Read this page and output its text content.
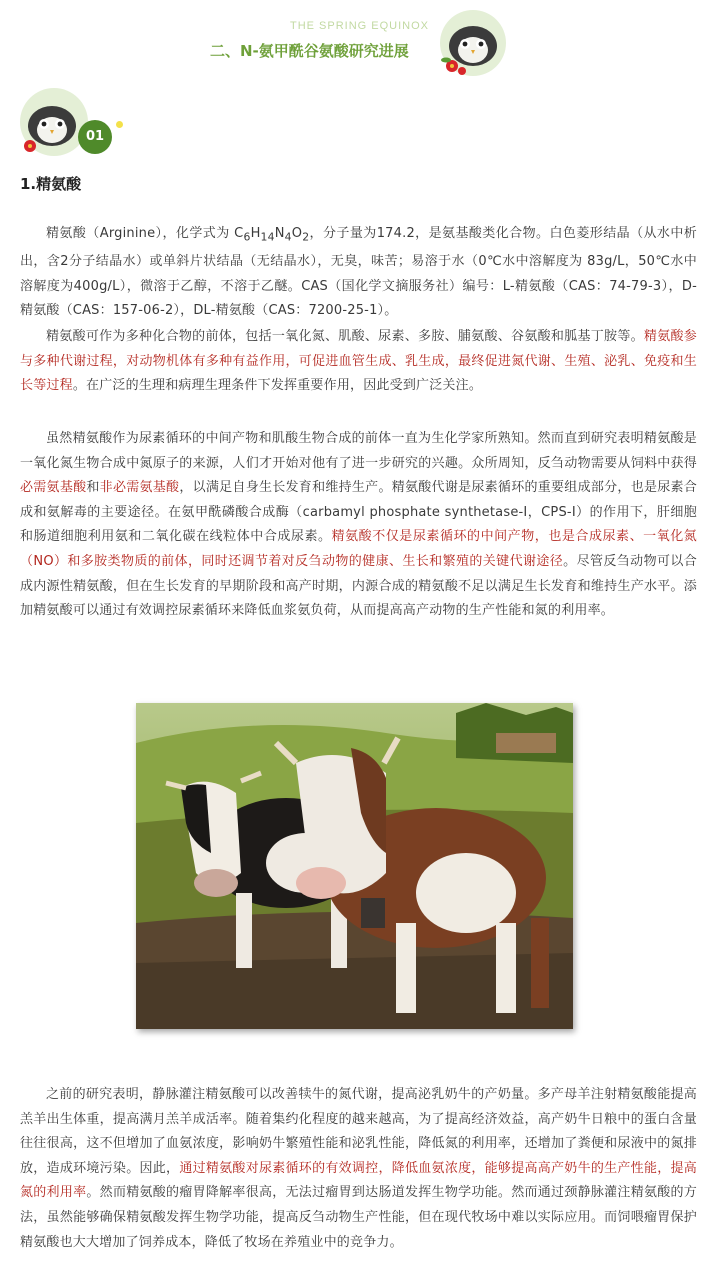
THE SPRING EQUINOX
二、N-氨甲酰谷氨酸研究进展
01
1.精氨酸

精氨酸（Arginine），化学式为 $C_6H_{14}N_4O_2$，分子量为174.2，是氨基酸类化合物。白色菱形结晶（从水中析出，含2分子结晶水）或单斜片状结晶（无结晶水），无臭，味苦；易溶于水（0℃水中溶解度为 83g/L，50℃水中溶解度为400g/L），微溶于乙醇，不溶于乙醚。CAS（国化学文摘服务社）编号：L-精氨酸（CAS：74-79-3），D-精氨酸（CAS：157-06-2），DL-精氨酸（CAS：7200-25-1）。

精氨酸可作为多种化合物的前体，包括一氧化氮、肌酸、尿素、多胺、脯氨酸、谷氨酸和胍基丁胺等。精氨酸参与多种代谢过程，对动物机体有多种有益作用，可促进血管生成、乳生成，最终促进氮代谢、生殖、泌乳、免疫和生长等过程。在广泛的生理和病理生理条件下发挥重要作用，因此受到广泛关注。

虽然精氨酸作为尿素循环的中间产物和肌酸生物合成的前体一直为生化学家所熟知。然而直到研究表明精氨酸是一氧化氮生物合成中氮原子的来源，人们才开始对他有了进一步研究的兴趣。众所周知，反刍动物需要从饲料中获得必需氨基酸和非必需氨基酸，以满足自身生长发育和维持生产。精氨酸代谢是尿素循环的重要组成部分，也是尿素合成和氨解毒的主要途径。在氨甲酰磷酸合成酶（carbamyl phosphate synthetase-I，CPS-I）的作用下，肝细胞和肠道细胞利用氨和二氧化碳在线粒体中合成尿素。精氨酸不仅是尿素循环的中间产物，也是合成尿素、一氧化氮（NO）和多胺类物质的前体，同时还调节着对反刍动物的健康、生长和繁殖的关键代谢途径。尽管反刍动物可以合成内源性精氨酸，但在生长发育的早期阶段和高产时期，内源合成的精氨酸不足以满足生长发育和维持生产水平。添加精氨酸可以通过有效调控尿素循环来降低血浆氨负荷，从而提高高产动物的生产性能和氮的利用率。

之前的研究表明，静脉灌注精氨酸可以改善犊牛的氮代谢，提高泌乳奶牛的产奶量。多产母羊注射精氨酸能提高羔羊出生体重，提高满月羔羊成活率。随着集约化程度的越来越高，为了提高经济效益，高产奶牛日粮中的蛋白含量往往很高，这不但增加了血氨浓度，影响奶牛繁殖性能和泌乳性能，降低氮的利用率，还增加了粪便和尿液中的氮排放，造成环境污染。因此，通过精氨酸对尿素循环的有效调控，降低血氨浓度，能够提高高产奶牛的生产性能，提高氮的利用率。然而精氨酸的瘤胃降解率很高，无法过瘤胃到达肠道发挥生物学功能。然而通过颈静脉灌注精氨酸的方法，虽然能够确保精氨酸发挥生物学功能，提高反刍动物生产性能，但在现代牧场中难以实际应用。而饲喂瘤胃保护精氨酸也大大增加了饲养成本，降低了牧场在养殖业中的竞争力。
